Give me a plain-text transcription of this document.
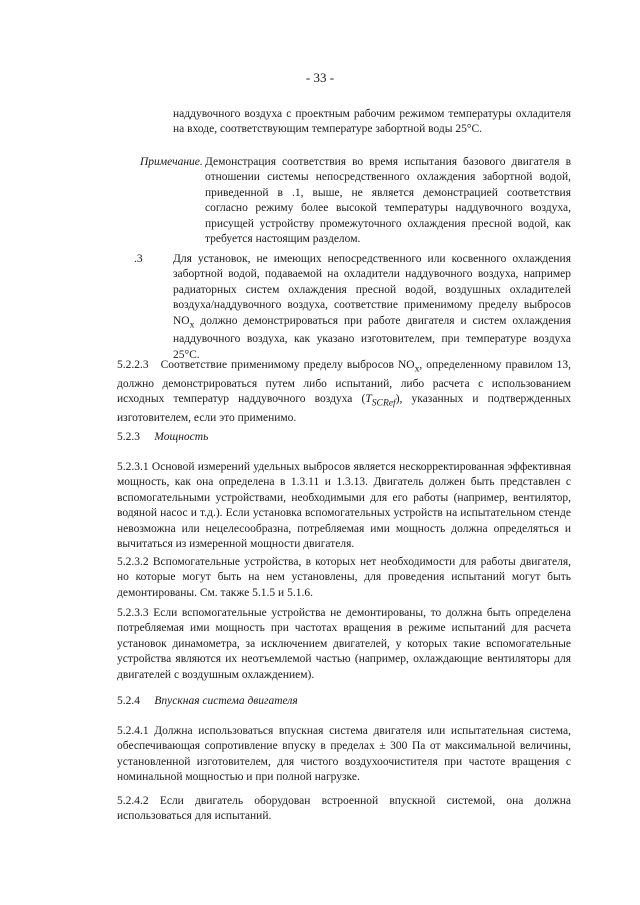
- 33 -

наддувочного воздуха с проектным рабочим режимом температуры охладителя на входе, соответствующим температуре забортной воды 25°С.

Примечание. Демонстрация соответствия во время испытания базового двигателя в отношении системы непосредственного охлаждения забортной водой, приведенной в .1, выше, не является демонстрацией соответствия согласно режиму более высокой температуры наддувочного воздуха, присущей устройству промежуточного охлаждения пресной водой, как требуется настоящим разделом.

.3	Для установок, не имеющих непосредственного или косвенного охлаждения забортной водой, подаваемой на охладители наддувочного воздуха, например радиаторных систем охлаждения пресной водой, воздушных охладителей воздуха/наддувочного воздуха, соответствие применимому пределу выбросов $NO_x$ должно демонстрироваться при работе двигателя и систем охлаждения наддувочного воздуха, как указано изготовителем, при температуре воздуха 25°С.

5.2.2.3 Соответствие применимому пределу выбросов $NO_x$, определенному правилом 13, должно демонстрироваться путем либо испытаний, либо расчета с использованием исходных температур наддувочного воздуха $(T_{SCRef})$, указанных и подтвержденных изготовителем, если это применимо.

5.2.3 Мощность

5.2.3.1 Основой измерений удельных выбросов является нескорректированная эффективная мощность, как она определена в 1.3.11 и 1.3.13. Двигатель должен быть представлен с вспомогательными устройствами, необходимыми для его работы (например, вентилятор, водяной насос и т.д.). Если установка вспомогательных устройств на испытательном стенде невозможна или нецелесообразна, потребляемая ими мощность должна определяться и вычитаться из измеренной мощности двигателя.

5.2.3.2 Вспомогательные устройства, в которых нет необходимости для работы двигателя, но которые могут быть на нем установлены, для проведения испытаний могут быть демонтированы. См. также 5.1.5 и 5.1.6.

5.2.3.3 Если вспомогательные устройства не демонтированы, то должна быть определена потребляемая ими мощность при частотах вращения в режиме испытаний для расчета установок динамометра, за исключением двигателей, у которых такие вспомогательные устройства являются их неотъемлемой частью (например, охлаждающие вентиляторы для двигателей с воздушным охлаждением).

5.2.4 Впускная система двигателя

5.2.4.1 Должна использоваться впускная система двигателя или испытательная система, обеспечивающая сопротивление впуску в пределах ± 300 Па от максимальной величины, установленной изготовителем, для чистого воздухоочистителя при частоте вращения с номинальной мощностью и при полной нагрузке.

5.2.4.2 Если двигатель оборудован встроенной впускной системой, она должна использоваться для испытаний.
